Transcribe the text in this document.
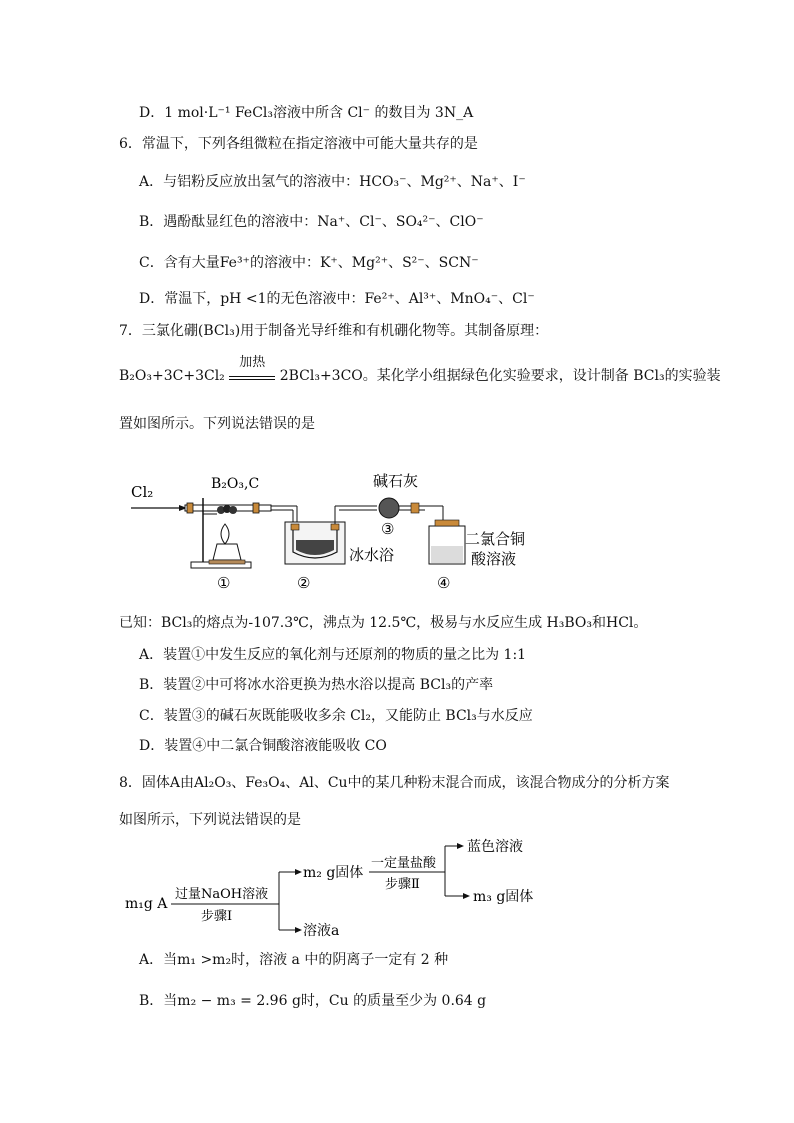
D．1 mol·L⁻¹ FeCl₃溶液中所含 Cl⁻ 的数目为 3N_A
6．常温下，下列各组微粒在指定溶液中可能大量共存的是
A．与铝粉反应放出氢气的溶液中：HCO₃⁻、Mg²⁺、Na⁺、I⁻
B．遇酚酞显红色的溶液中：Na⁺、Cl⁻、SO₄²⁻、ClO⁻
C．含有大量Fe³⁺的溶液中：K⁺、Mg²⁺、S²⁻、SCN⁻
D．常温下，pH <1的无色溶液中：Fe²⁺、Al³⁺、MnO₄⁻、Cl⁻
7．三氯化硼(BCl₃)用于制备光导纤维和有机硼化物等。其制备原理：
B₂O₃+3C+3Cl₂
加热
2BCl₃+3CO。某化学小组据绿色化实验要求，设计制备 BCl₃的实验装
置如图所示。下列说法错误的是
Cl₂	B₂O₃,C
①
冰水浴
②
碱石灰
③
二氯合铜
酸溶液
④
已知：BCl₃的熔点为-107.3℃，沸点为 12.5℃，极易与水反应生成 H₃BO₃和HCl。
A．装置①中发生反应的氧化剂与还原剂的物质的量之比为 1:1
B．装置②中可将冰水浴更换为热水浴以提高 BCl₃的产率
C．装置③的碱石灰既能吸收多余 Cl₂，又能防止 BCl₃与水反应
D．装置④中二氯合铜酸溶液能吸收 CO
8．固体A由Al₂O₃、Fe₃O₄、Al、Cu中的某几种粉末混合而成，该混合物成分的分析方案
如图所示，下列说法错误的是
m₁g A
过量NaOH溶液
步骤Ⅰ
m₂ g固体
溶液a
一定量盐酸
步骤Ⅱ
蓝色溶液
m₃ g固体
A．当m₁ >m₂时，溶液 a 中的阴离子一定有 2 种
B．当m₂ − m₃ = 2.96 g时，Cu 的质量至少为 0.64 g
